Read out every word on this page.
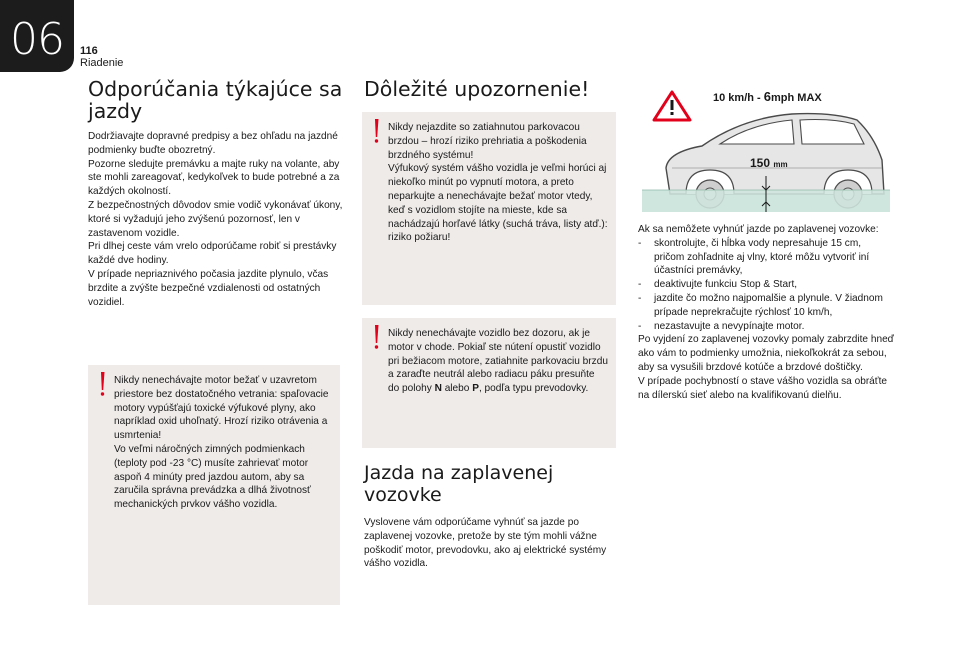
06	116
Riadenie
Odporúčania týkajúce sa
jazdy
Dodržiavajte dopravné predpisy a bez ohľadu na jazdné podmienky buďte obozretný.
Pozorne sledujte premávku a majte ruky na volante, aby ste mohli zareagovať, kedykoľvek to bude potrebné a za každých okolností.
Z bezpečnostných dôvodov smie vodič vykonávať úkony, ktoré si vyžadujú jeho zvýšenú pozornosť, len v zastavenom vozidle.
Pri dlhej ceste vám vrelo odporúčame robiť si prestávky každé dve hodiny.
V prípade nepriaznivého počasia jazdite plynulo, včas brzdite a zvýšte bezpečné vzdialenosti od ostatných vozidiel.
Nikdy nenechávajte motor bežať v uzavretom priestore bez dostatočného vetrania: spaľovacie motory vypúšťajú toxické výfukové plyny, ako napríklad oxid uhoľnatý. Hrozí riziko otrávenia a usmrtenia!
Vo veľmi náročných zimných podmienkach (teploty pod -23 °C) musíte zahrievať motor aspoň 4 minúty pred jazdou autom, aby sa zaručila správna prevádzka a dlhá životnosť mechanických prvkov vášho vozidla.
Dôležité upozornenie!
Nikdy nejazdite so zatiahnutou parkovacou brzdou – hrozí riziko prehriatia a poškodenia brzdného systému!
Výfukový systém vášho vozidla je veľmi horúci aj niekoľko minút po vypnutí motora, a preto neparkujte a nenechávajte bežať motor vtedy, keď s vozidlom stojíte na mieste, kde sa nachádzajú horľavé látky (suchá tráva, listy atď.): riziko požiaru!
Nikdy nenechávajte vozidlo bez dozoru, ak je motor v chode. Pokiaľ ste nútení opustiť vozidlo pri bežiacom motore, zatiahnite parkovaciu brzdu a zaraďte neutrál alebo radiacu páku presuňte do polohy N alebo P, podľa typu prevodovky.
Jazda na zaplavenej vozovke
Vyslovene vám odporúčame vyhnúť sa jazde po zaplavenej vozovke, pretože by ste tým mohli vážne poškodiť motor, prevodovku, ako aj elektrické systémy vášho vozidla.
10 km/h - 6mph MAX
150 mm
Ak sa nemôžete vyhnúť jazde po zaplavenej vozovke:
- skontrolujte, či hĺbka vody nepresahuje 15 cm, pričom zohľadnite aj vlny, ktoré môžu vytvoriť iní účastníci premávky,
- deaktivujte funkciu Stop & Start,
- jazdite čo možno najpomalšie a plynule. V žiadnom prípade neprekračujte rýchlosť 10 km/h,
- nezastavujte a nevypínajte motor.
Po vyjdení zo zaplavenej vozovky pomaly zabrzdite hneď ako vám to podmienky umožnia, niekoľkokrát za sebou, aby sa vysušili brzdové kotúče a brzdové doštičky.
V prípade pochybností o stave vášho vozidla sa obráťte na dílerskú sieť alebo na kvalifikovanú dielňu.
